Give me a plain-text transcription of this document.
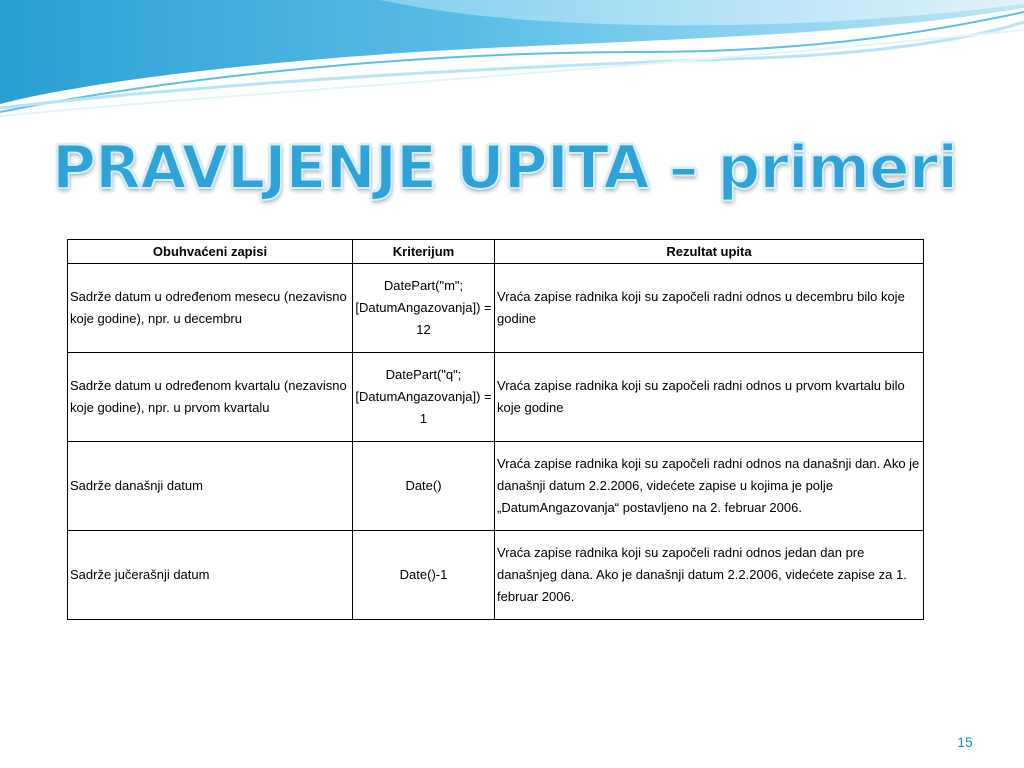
PRAVLJENJE UPITA – primeri
Obuhvaćeni zapisi	Kriterijum	Rezultat upita
Sadrže datum u određenom mesecu (nezavisno koje godine), npr. u decembru	DatePart("m"; [DatumAngazovanja]) = 12	Vraća zapise radnika koji su započeli radni odnos u decembru bilo koje godine
Sadrže datum u određenom kvartalu (nezavisno koje godine), npr. u prvom kvartalu	DatePart("q"; [DatumAngazovanja]) = 1	Vraća zapise radnika koji su započeli radni odnos u prvom kvartalu bilo koje godine
Sadrže današnji datum	Date()	Vraća zapise radnika koji su započeli radni odnos na današnji dan. Ako je današnji datum 2.2.2006, videćete zapise u kojima je polje „DatumAngazovanja“ postavljeno na 2. februar 2006.
Sadrže jučerašnji datum	Date()-1	Vraća zapise radnika koji su započeli radni odnos jedan dan pre današnjeg dana. Ako je današnji datum 2.2.2006, videćete zapise za 1. februar 2006.
15
